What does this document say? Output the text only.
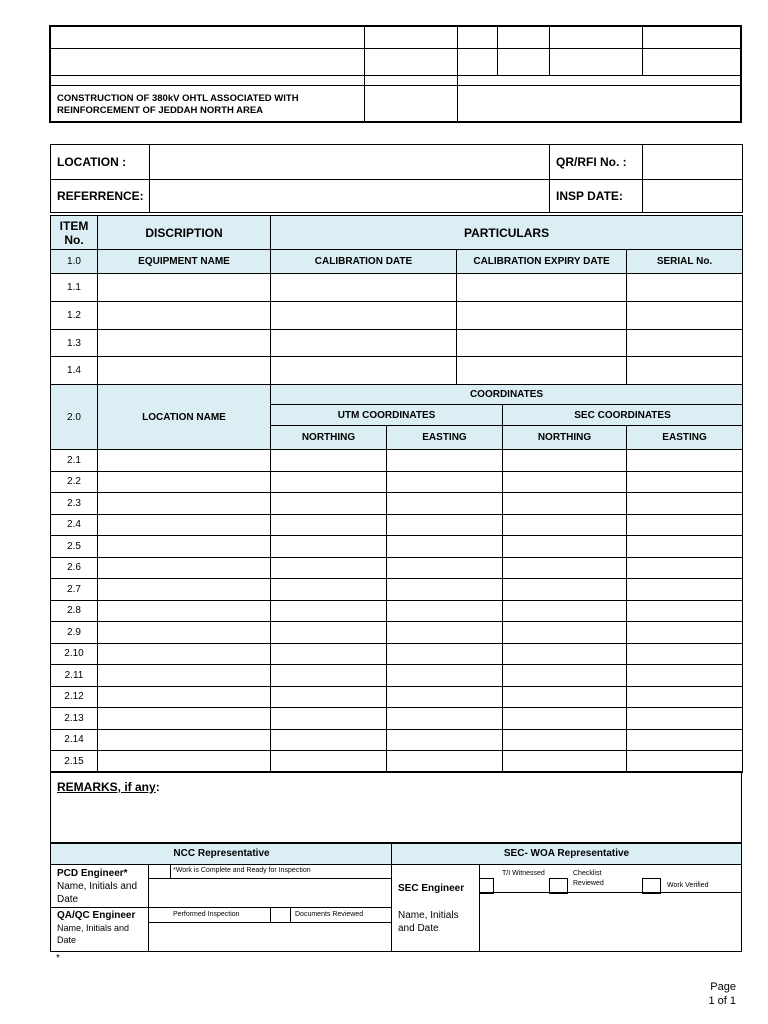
CONSTRUCTION OF 380kV OHTL ASSOCIATED WITH
REINFORCEMENT OF JEDDAH NORTH AREA
LOCATION :		QR/RFI No. :	
REFERRENCE:		INSP DATE:	
ITEM No.	DISCRIPTION	PARTICULARS				
1.0	EQUIPMENT NAME	CALIBRATION DATE		CALIBRATION EXPIRY DATE		SERIAL No.
1.1						
1.2						
1.3						
1.4						
2.0	LOCATION NAME	COORDINATES				
		UTM COORDINATES			SEC COORDINATES	
		NORTHING	EASTING		NORTHING	EASTING
2.1						
2.2						
2.3						
2.4						
2.5						
2.6						
2.7						
2.8						
2.9						
2.10						
2.11						
2.12						
2.13						
2.14						
2.15						
REMARKS, if any:
NCC Representative	SEC- WOA Representative
PCD Engineer*
Name, Initials and Date
*Work is Complete and Ready for Inspection
QA/QC Engineer
Name, Initials and Date
Performed Inspection	Documents Reviewed
SEC Engineer
Name, Initials and Date
T/I Witnessed	Checklist Reviewed	Work Verified
*
Page
1 of 1
